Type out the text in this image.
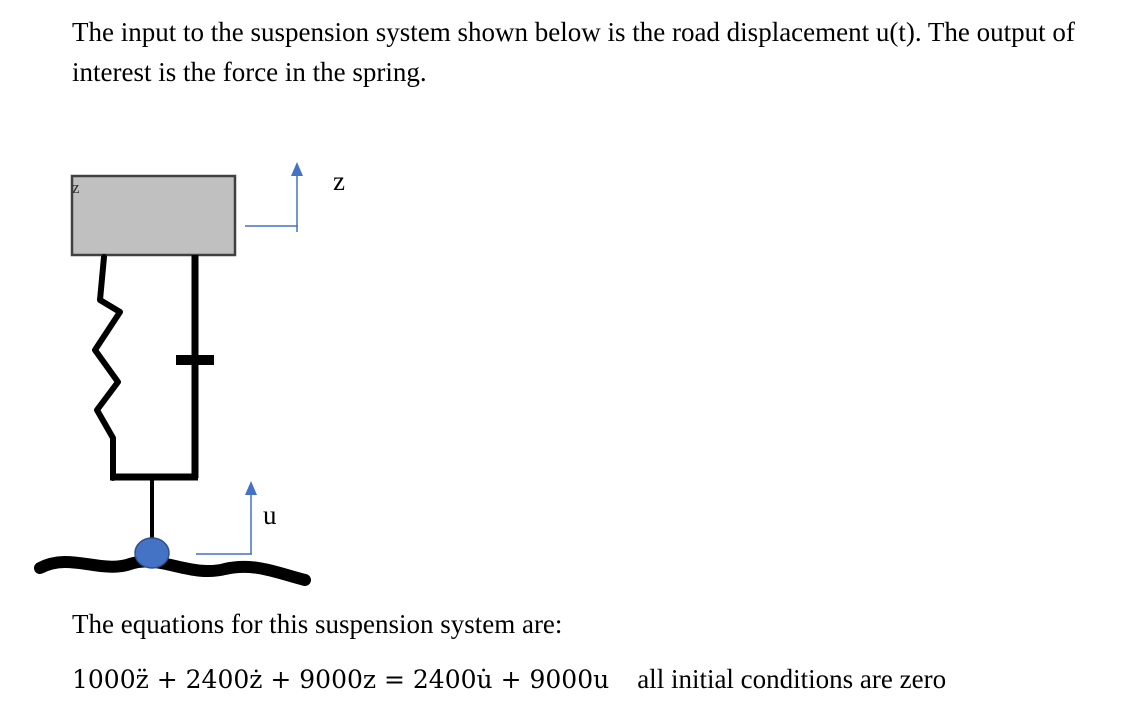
The input to the suspension system shown below is the road displacement u(t). The output of interest is the force in the spring.

z	z
u

The equations for this suspension system are:

1000z̈ + 2400ż + 9000z = 2400u̇ + 9000u all initial conditions are zero
